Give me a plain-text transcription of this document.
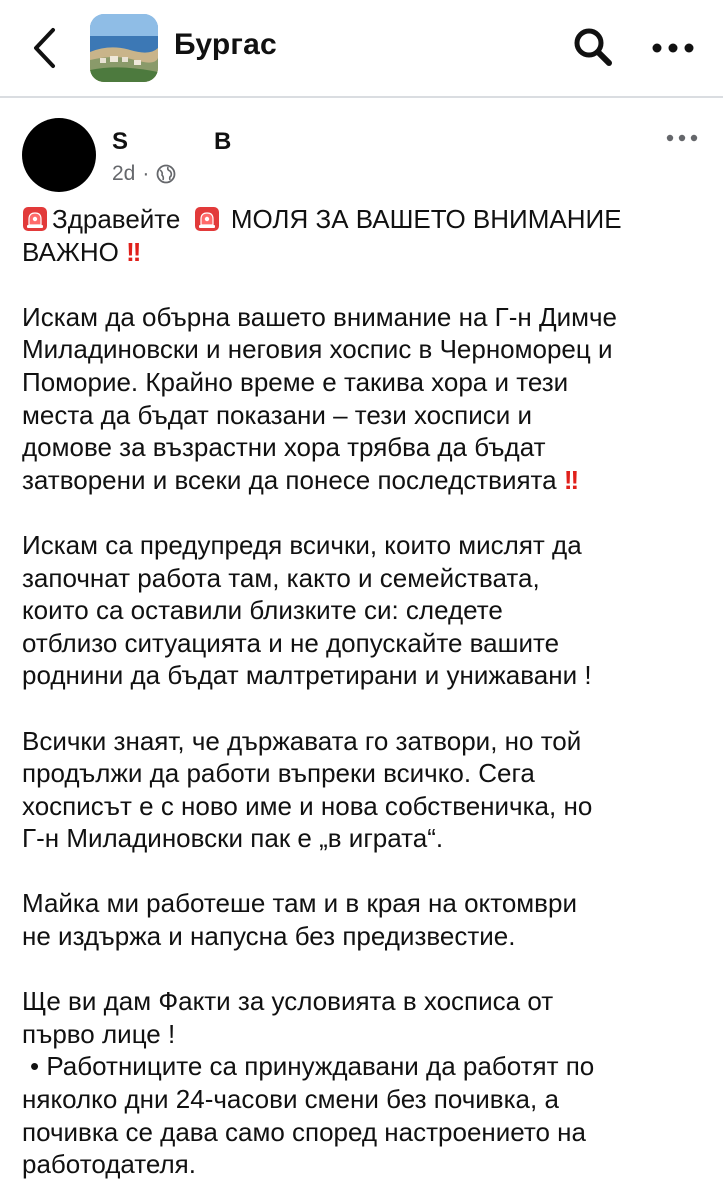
Бургас
S	B
2d ·

Здравейте МОЛЯ ЗА ВАШЕТО ВНИМАНИЕ

ВАЖНО !!

Искам да обърна вашето внимание на Г-н Димче

Миладиновски и неговия хоспис в Черноморец и

Поморие. Крайно време е такива хора и тези

места да бъдат показани – тези хосписи и

домове за възрастни хора трябва да бъдат

затворени и всеки да понесе последствията !!

Искам са предупредя всички, които мислят да

започнат работа там, както и семействата,

които са оставили близките си: следете

отблизо ситуацията и не допускайте вашите

роднини да бъдат малтретирани и унижавани !

Всички знаят, че държавата го затвори, но той

продължи да работи въпреки всичко. Сега

хосписът е с ново име и нова собственичка, но

Г-н Миладиновски пак е „в играта“.

Майка ми работеше там и в края на октомври

не издържа и напусна без предизвестие.

Ще ви дам Факти за условията в хосписа от

първо лице !

• Работниците са принуждавани да работят по

няколко дни 24-часови смени без почивка, а

почивка се дава само според настроението на

работодателя.
